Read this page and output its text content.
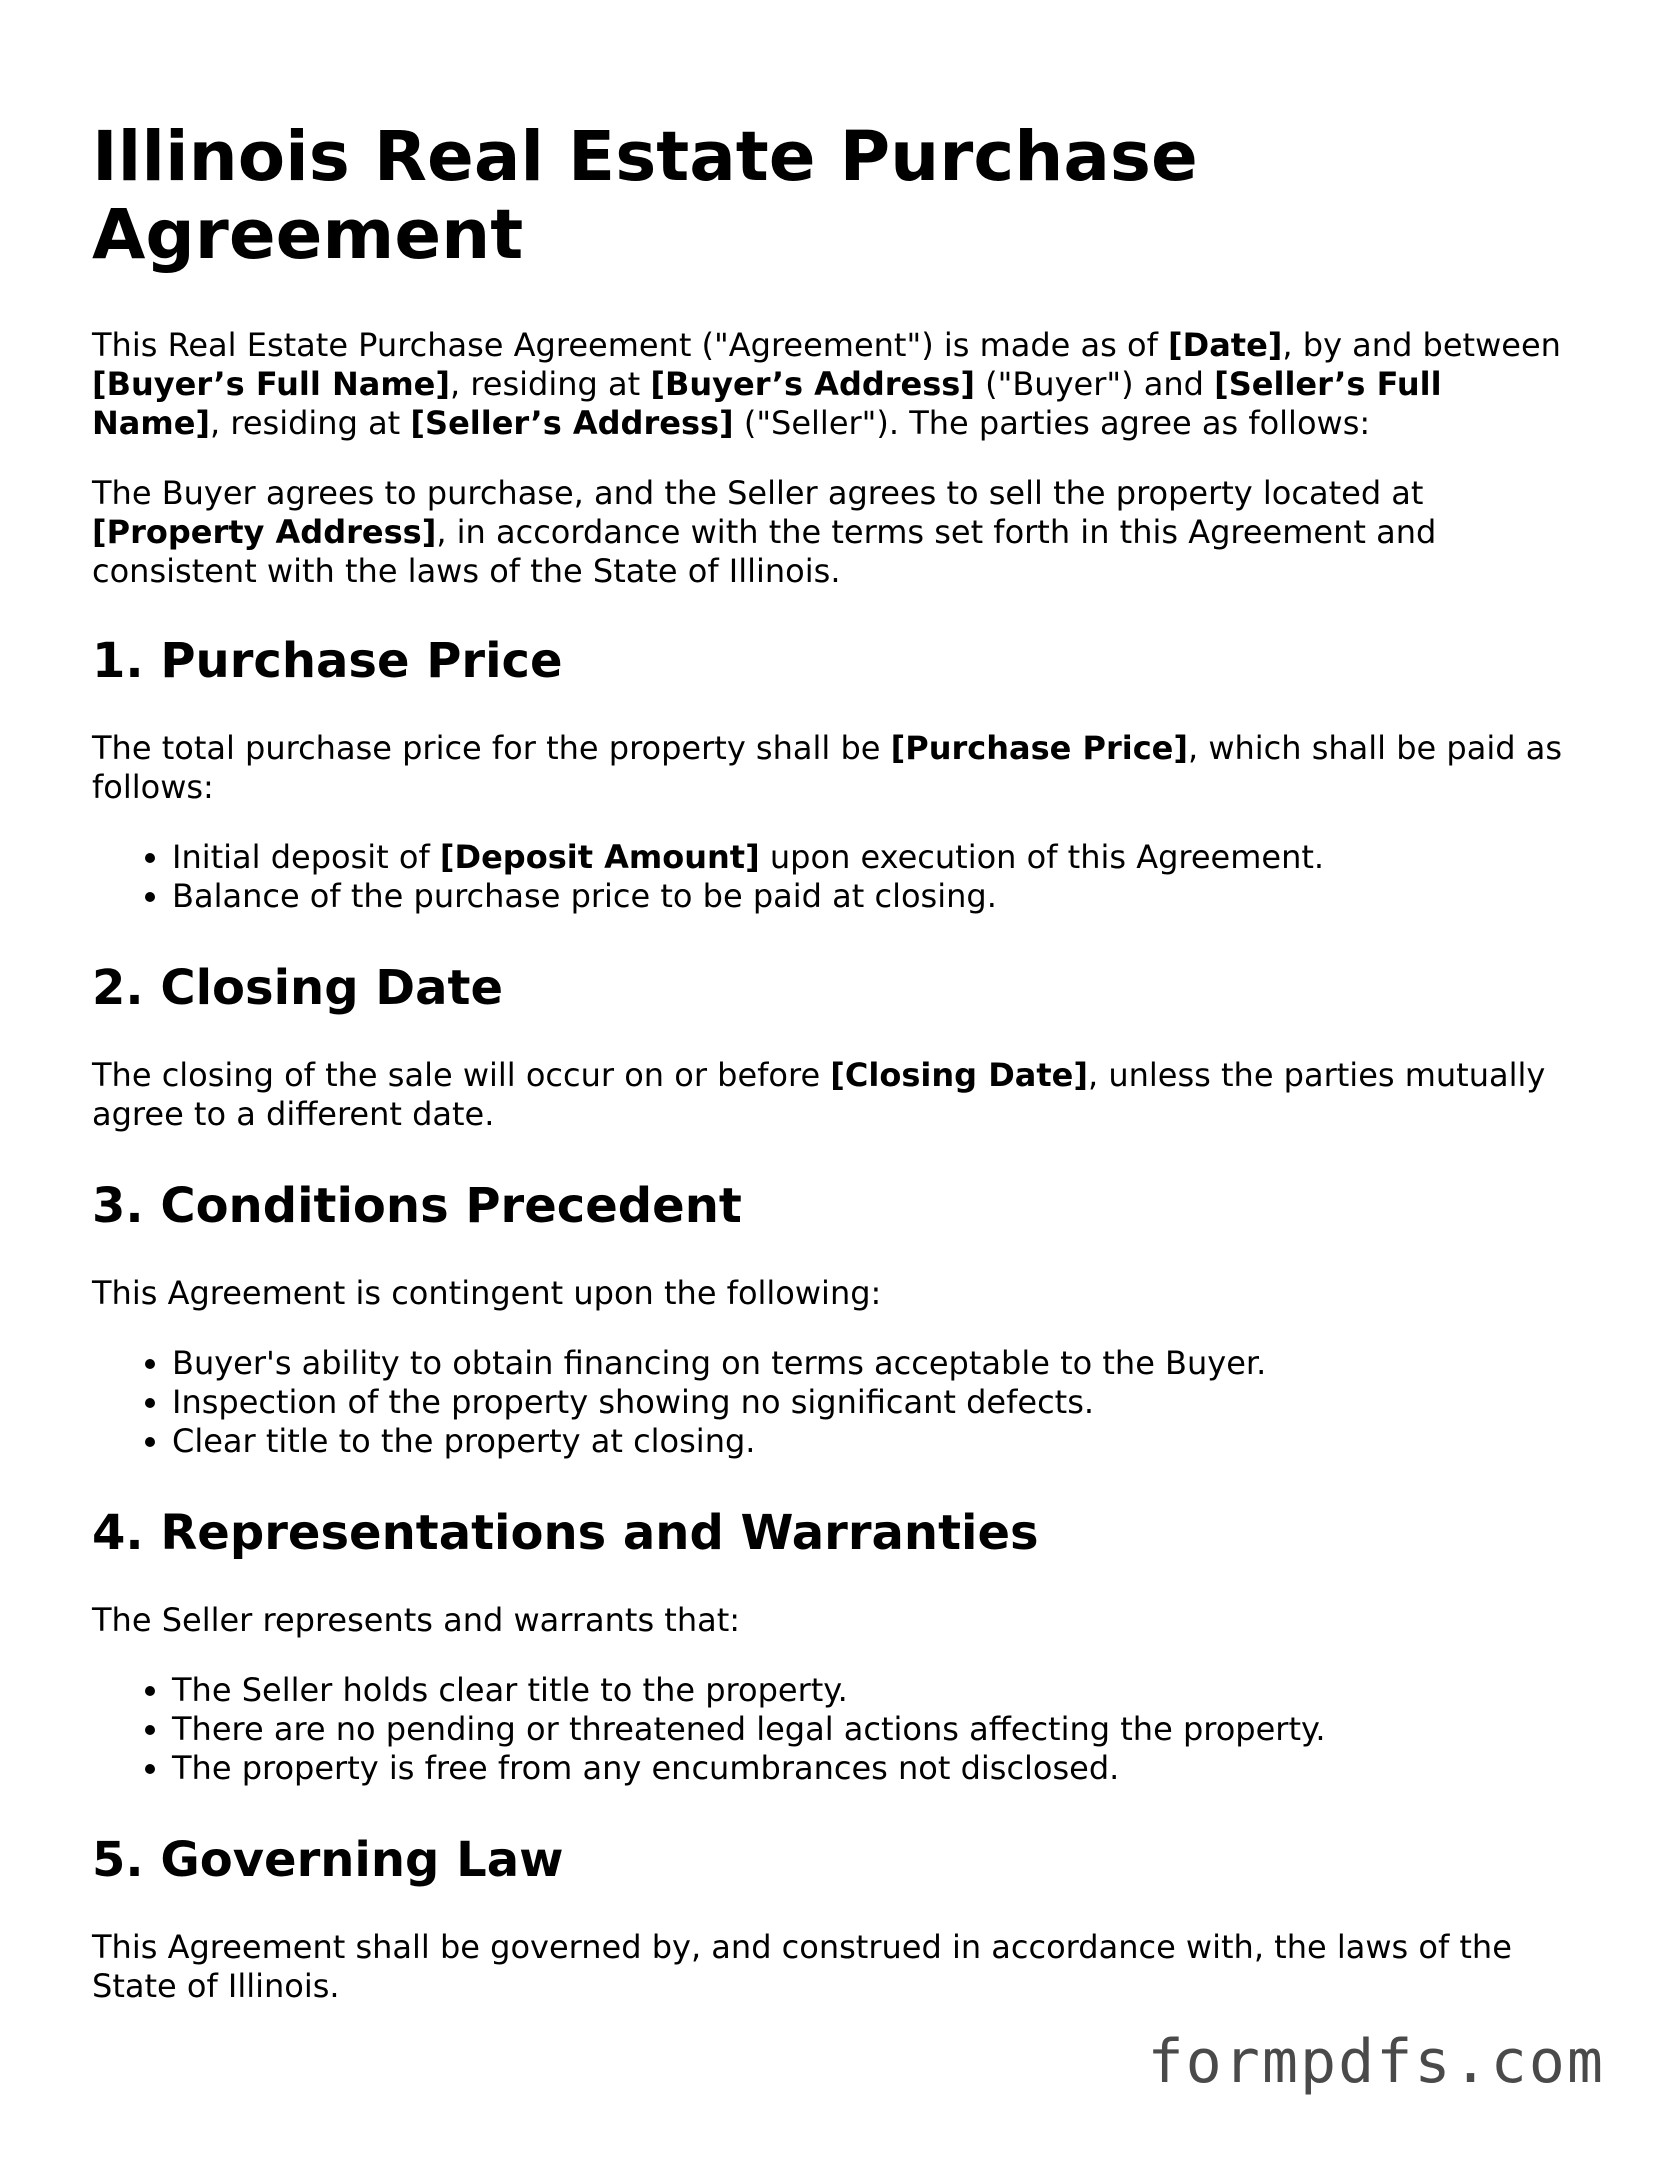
Illinois Real Estate Purchase Agreement

This Real Estate Purchase Agreement ("Agreement") is made as of [Date], by and between [Buyer’s Full Name], residing at [Buyer’s Address] ("Buyer") and [Seller’s Full Name], residing at [Seller’s Address] ("Seller"). The parties agree as follows:

The Buyer agrees to purchase, and the Seller agrees to sell the property located at [Property Address], in accordance with the terms set forth in this Agreement and consistent with the laws of the State of Illinois.

1. Purchase Price

The total purchase price for the property shall be [Purchase Price], which shall be paid as follows:

• Initial deposit of [Deposit Amount] upon execution of this Agreement.
• Balance of the purchase price to be paid at closing.
2. Closing Date

The closing of the sale will occur on or before [Closing Date], unless the parties mutually agree to a different date.

3. Conditions Precedent

This Agreement is contingent upon the following:

• Buyer's ability to obtain financing on terms acceptable to the Buyer.
• Inspection of the property showing no significant defects.
• Clear title to the property at closing.
4. Representations and Warranties

The Seller represents and warrants that:

• The Seller holds clear title to the property.
• There are no pending or threatened legal actions affecting the property.
• The property is free from any encumbrances not disclosed.
5. Governing Law

This Agreement shall be governed by, and construed in accordance with, the laws of the State of Illinois.

formpdfs.com
